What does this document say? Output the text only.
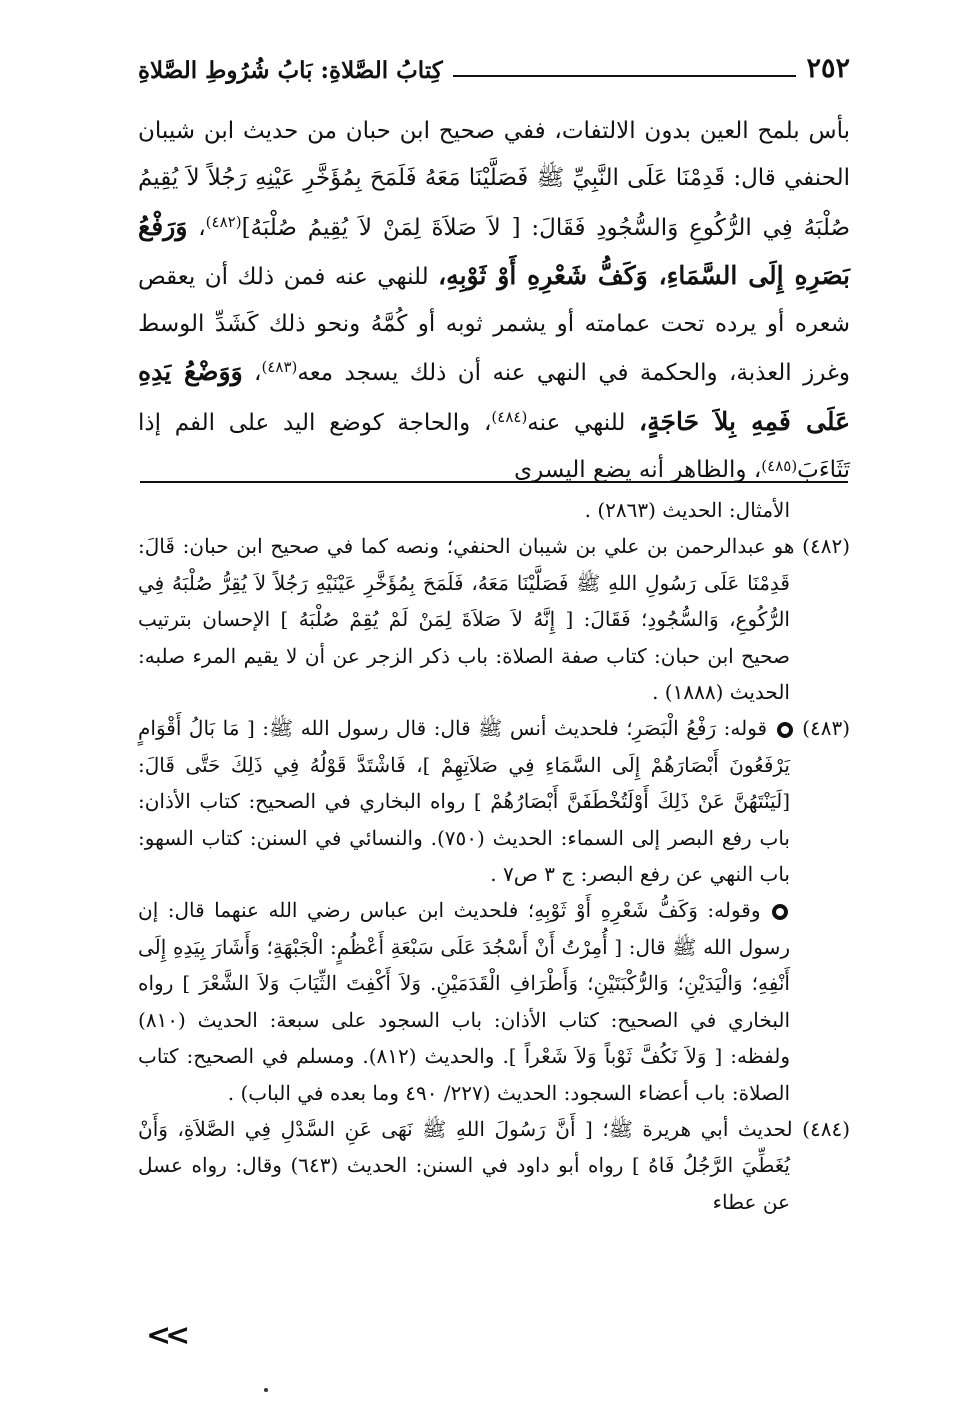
٢٥٢
كِتابُ الصَّلاةِ: بَابُ شُرُوطِ الصَّلاةِ

بأس بلمح العين بدون الالتفات، ففي صحيح ابن حبان من حديث ابن شيبان الحنفي قال: قَدِمْنَا عَلَى النَّبِيِّ ﷺ فَصَلَّيْنَا مَعَهُ فَلَمَحَ بِمُؤَخَّرِ عَيْنِهِ رَجُلاً لاَ يُقِيمُ صُلْبَهُ فِي الرُّكُوعِ وَالسُّجُودِ فَقَالَ: [ لاَ صَلاَةَ لِمَنْ لاَ يُقِيمُ صُلْبَهُ]$^{(٤٨٢)}$، وَرَفْعُ بَصَرِهِ إِلَى السَّمَاءِ، وَكَفُّ شَعْرِهِ أَوْ ثَوْبِهِ، للنهي عنه فمن ذلك أن يعقص شعره أو يرده تحت عمامته أو يشمر ثوبه أو كُمَّهُ ونحو ذلك كَشَدِّ الوسط وغرز العذبة، والحكمة في النهي عنه أن ذلك يسجد معه$^{(٤٨٣)}$، وَوَضْعُ يَدِهِ عَلَى فَمِهِ بِلاَ حَاجَةٍ، للنهي عنه$^{(٤٨٤)}$، والحاجة كوضع اليد على الفم إذا تَثَاءَبَ$^{(٤٨٥)}$، والظاهر أنه يضع اليسرى

الأمثال: الحديث (٢٨٦٣) .

(٤٨٢) هو عبدالرحمن بن علي بن شيبان الحنفي؛ ونصه كما في صحيح ابن حبان: قَالَ: قَدِمْنَا عَلَى رَسُولِ اللهِ ﷺ فَصَلَّيْنَا مَعَهُ، فَلَمَحَ بِمُؤَخَّرِ عَيْنَيْهِ رَجُلاً لاَ يُقِرُّ صُلْبَهُ فِي الرُّكُوعِ، وَالسُّجُودِ؛ فَقَالَ: [ إِنَّهُ لاَ صَلاَةَ لِمَنْ لَمْ يُقِمْ صُلْبَهُ ] الإحسان بترتيب صحيح ابن حبان: كتاب صفة الصلاة: باب ذكر الزجر عن أن لا يقيم المرء صلبه: الحديث (١٨٨٨) .

(٤٨٣)  قوله: رَفْعُ الْبَصَرِ؛ فلحديث أنس ﷺ قال: قال رسول الله ﷺ: [ مَا بَالُ أَقْوَامٍ يَرْفَعُونَ أَبْصَارَهُمْ إِلَى السَّمَاءِ فِي صَلاَتِهِمْ ]، فَاشْتَدَّ قَوْلُهُ فِي ذَلِكَ حَتَّى قَالَ: [لَيَنْتَهُنَّ عَنْ ذَلِكَ أَوْلَتُخْطَفَنَّ أَبْصَارُهُمْ ] رواه البخاري في الصحيح: كتاب الأذان: باب رفع البصر إلى السماء: الحديث (٧٥٠). والنسائي في السنن: كتاب السهو: باب النهي عن رفع البصر: ج ٣ ص٧ .

وقوله: وَكَفُّ شَعْرِهِ أَوْ ثَوْبِهِ؛ فلحديث ابن عباس رضي الله عنهما قال: إن رسول الله ﷺ قال: [ أُمِرْتُ أَنْ أَسْجُدَ عَلَى سَبْعَةِ أَعْظُمٍ: الْجَبْهَةِ؛ وَأَشَارَ بِيَدِهِ إِلَى أَنْفِهِ؛ وَالْيَدَيْنِ؛ وَالرُّكْبَتَيْنِ؛ وَأَطْرَافِ الْقَدَمَيْنِ. وَلاَ أَكْفِتَ الثِّيَابَ وَلاَ الشَّعْرَ ] رواه البخاري في الصحيح: كتاب الأذان: باب السجود على سبعة: الحديث (٨١٠) ولفظه: [ وَلاَ نَكُفَّ ثَوْباً وَلاَ شَعْراً ]. والحديث (٨١٢). ومسلم في الصحيح: كتاب الصلاة: باب أعضاء السجود: الحديث (٢٢٧/ ٤٩٠ وما بعده في الباب) .

(٤٨٤) لحديث أبي هريرة ﷺ؛ [ أَنَّ رَسُولَ اللهِ ﷺ نَهَى عَنِ السَّدْلِ فِي الصَّلاَةِ، وَأَنْ يُغَطِّيَ الرَّجُلُ فَاهُ ] رواه أبو داود في السنن: الحديث (٦٤٣) وقال: رواه عسل عن عطاء

<<
